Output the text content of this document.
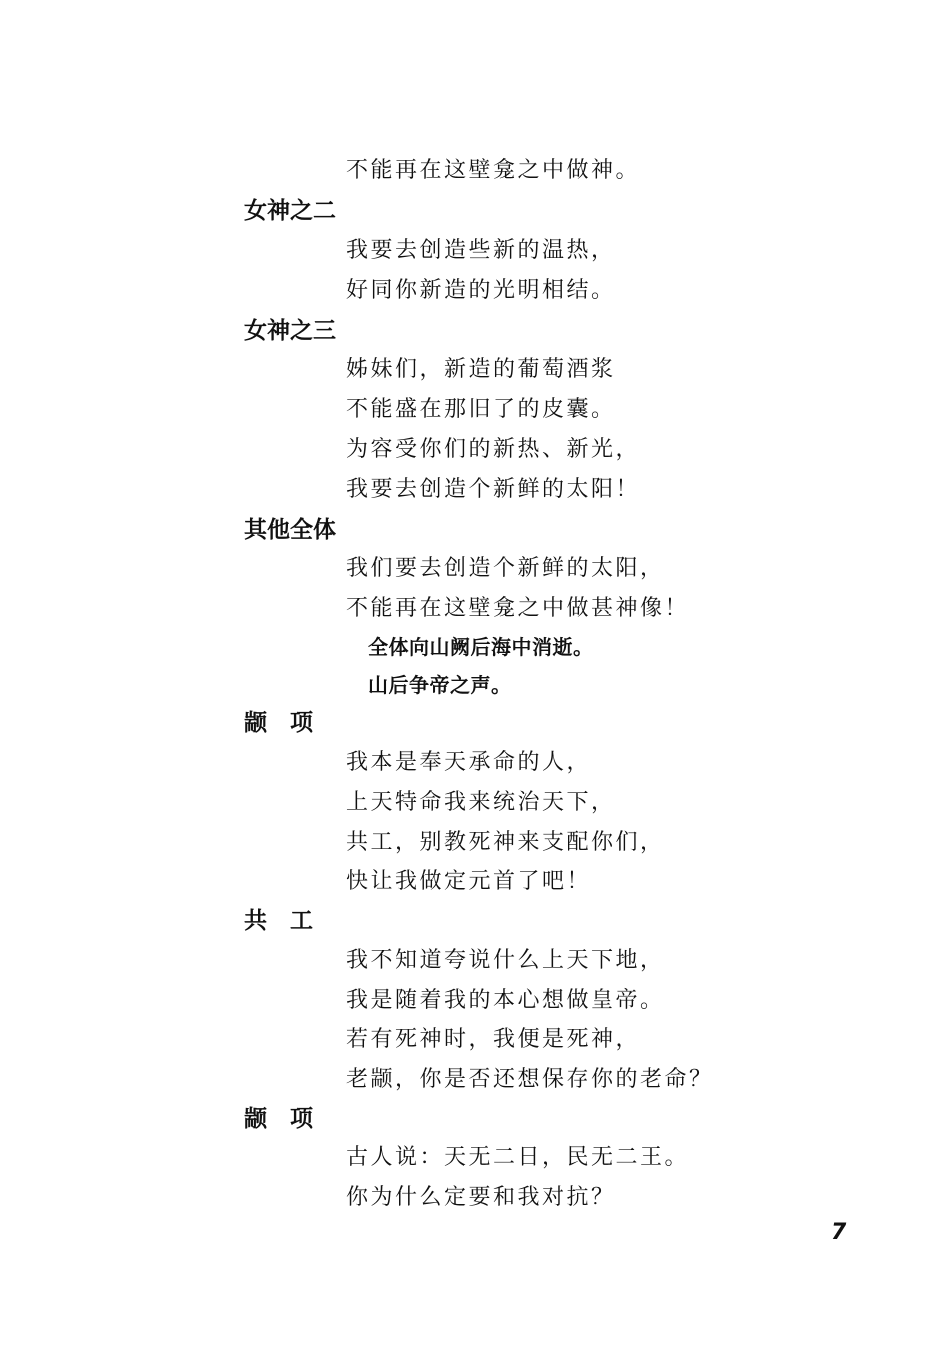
不能再在这壁龛之中做神。
女神之二
我要去创造些新的温热，
好同你新造的光明相结。
女神之三
姊妹们，新造的葡萄酒浆
不能盛在那旧了的皮囊。
为容受你们的新热、新光，
我要去创造个新鲜的太阳！
其他全体
我们要去创造个新鲜的太阳，
不能再在这壁龛之中做甚神像！
全体向山阙后海中消逝。
山后争帝之声。
颛　项
我本是奉天承命的人，
上天特命我来统治天下，
共工，别教死神来支配你们，
快让我做定元首了吧！
共　工
我不知道夸说什么上天下地，
我是随着我的本心想做皇帝。
若有死神时，我便是死神，
老颛，你是否还想保存你的老命？
颛　项
古人说：天无二日，民无二王。
你为什么定要和我对抗？
7
